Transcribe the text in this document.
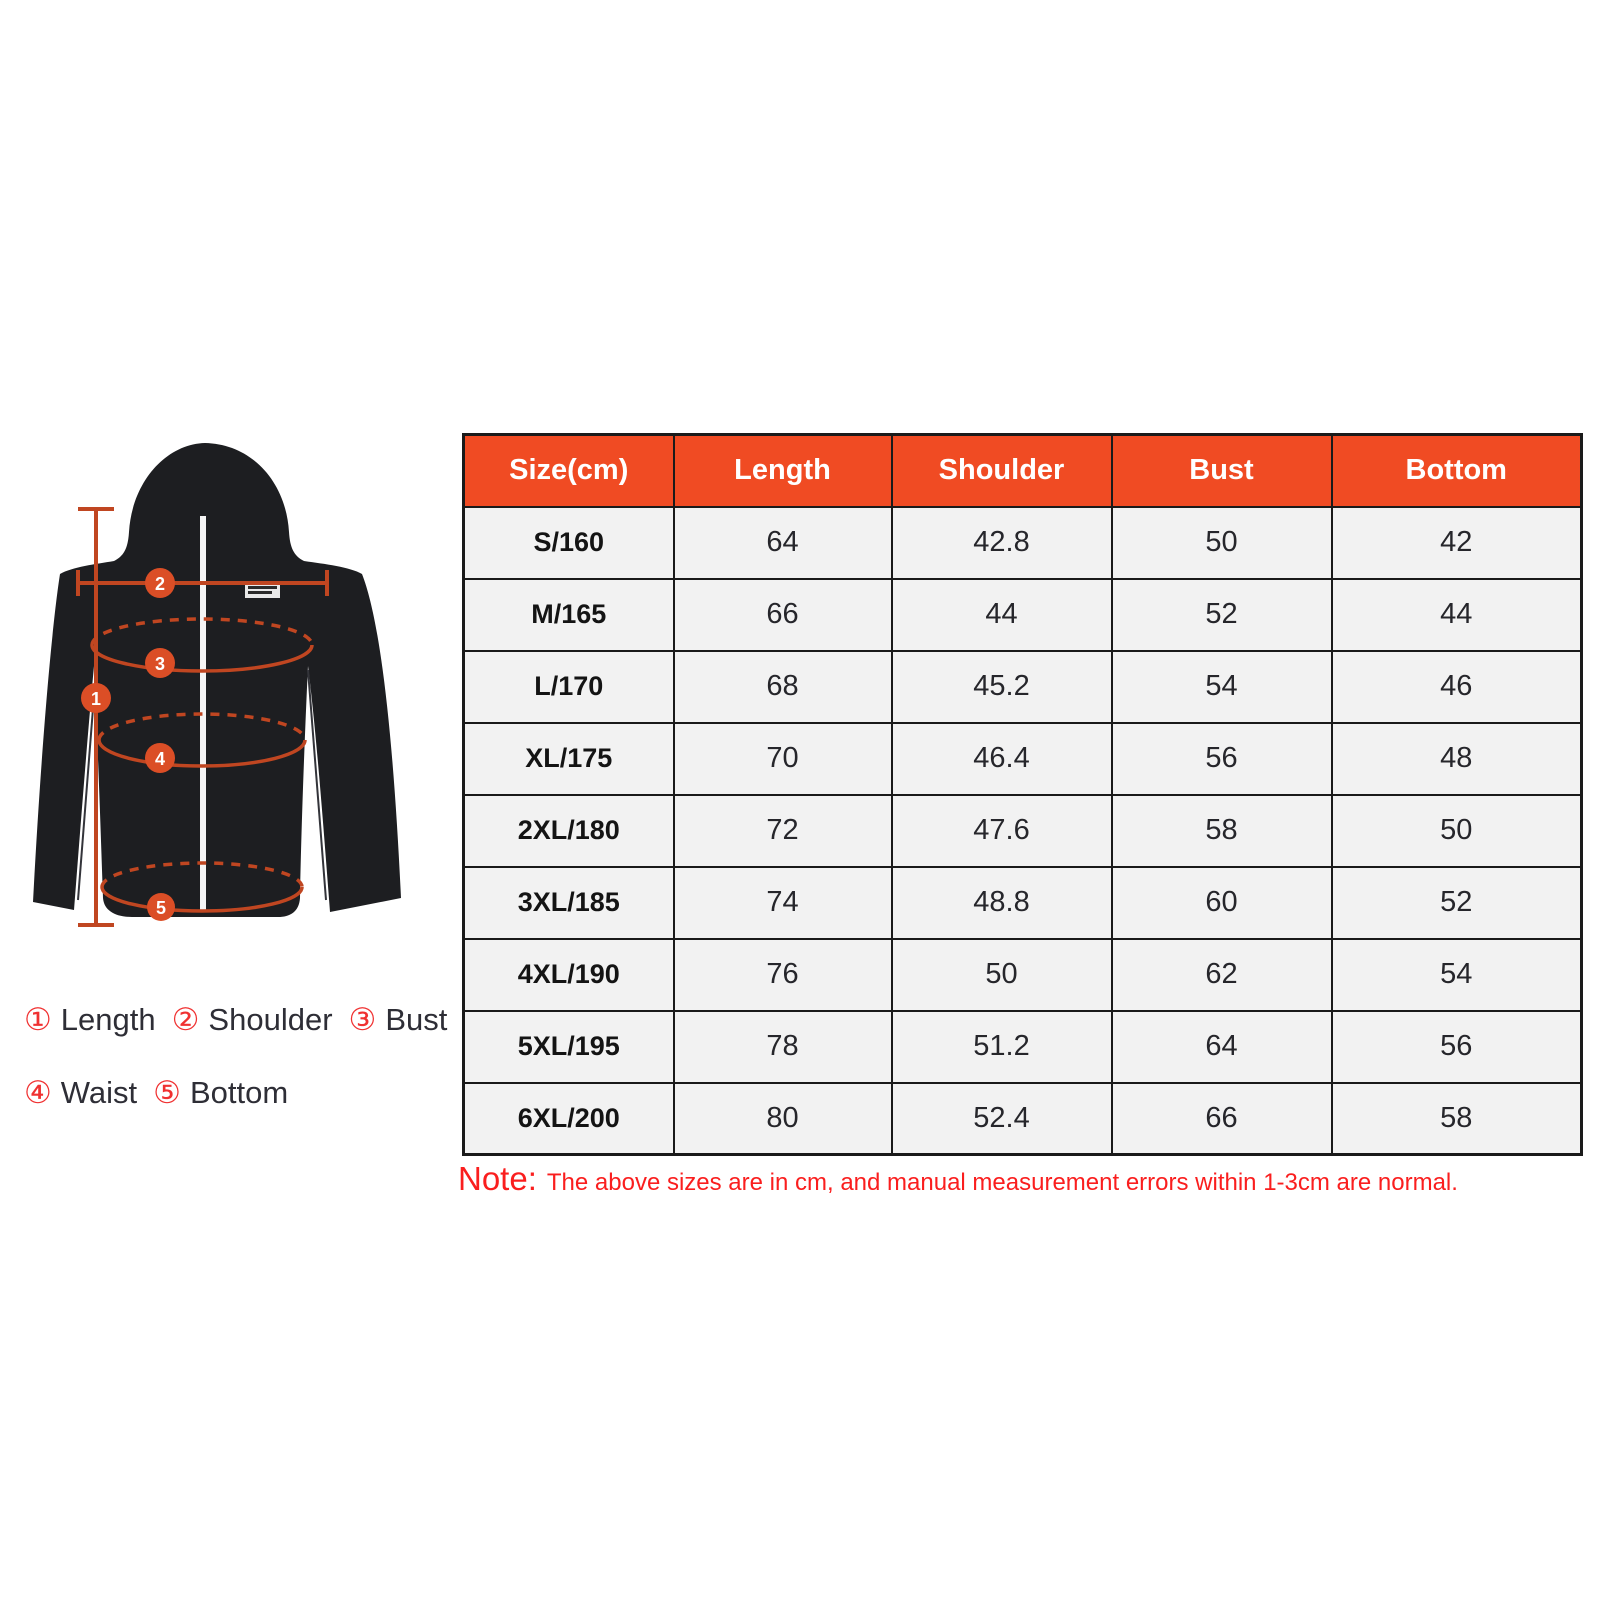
1
2
3
4
5
① Length ② Shoulder ③ Bust
④ Waist ⑤ Bottom
Size(cm)	Length	Shoulder	Bust	Bottom
S/160	64	42.8	50	42
M/165	66	44	52	44
L/170	68	45.2	54	46
XL/175	70	46.4	56	48
2XL/180	72	47.6	58	50
3XL/185	74	48.8	60	52
4XL/190	76	50	62	54
5XL/195	78	51.2	64	56
6XL/200	80	52.4	66	58
Note: The above sizes are in cm, and manual measurement errors within 1-3cm are normal.
